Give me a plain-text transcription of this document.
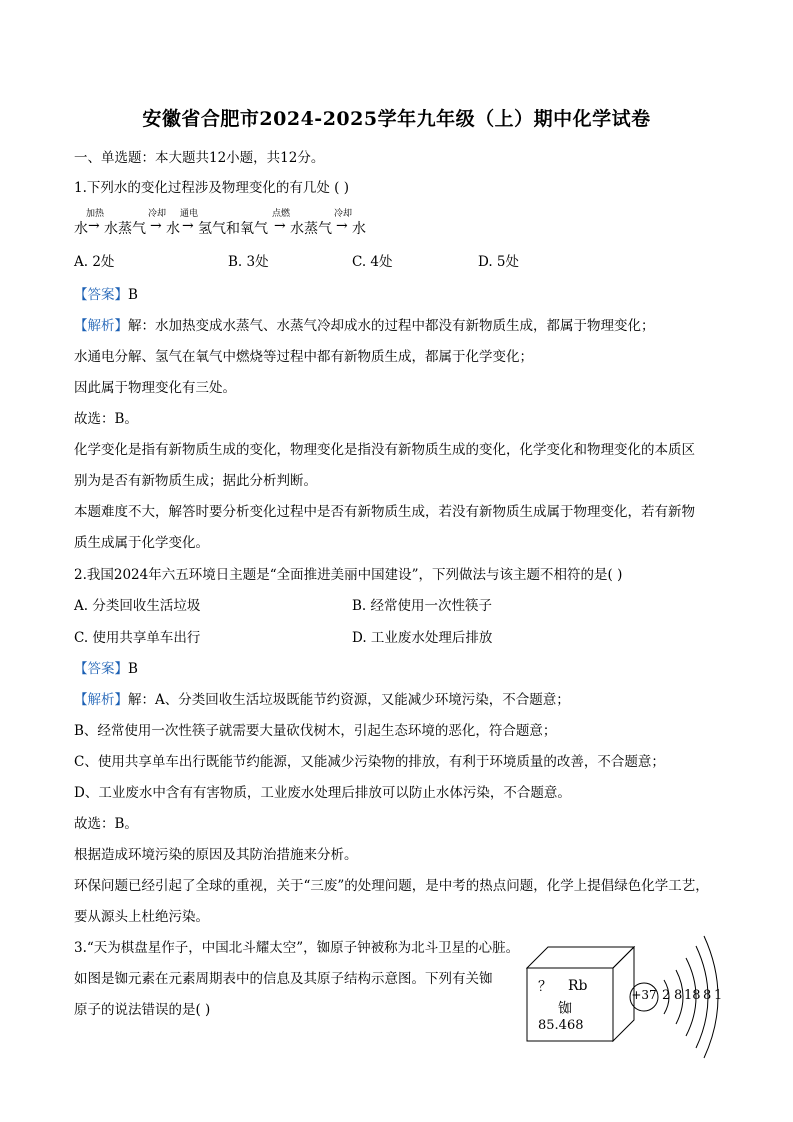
安徽省合肥市2024-2025学年九年级（上）期中化学试卷
一、单选题：本大题共12小题，共12分。
1.下列水的变化过程涉及物理变化的有几处 ( )
水
加热
→ 水蒸气
冷却
→ 水
通电
→ 氢气和氧气
点燃
→ 水蒸气
冷却
→ 水
A. 2处	B. 3处	C. 4处	D. 5处
【答案】B
【解析】解：水加热变成水蒸气、水蒸气冷却成水的过程中都没有新物质生成，都属于物理变化；
水通电分解、氢气在氧气中燃烧等过程中都有新物质生成，都属于化学变化；
因此属于物理变化有三处。
故选：B。
化学变化是指有新物质生成的变化，物理变化是指没有新物质生成的变化，化学变化和物理变化的本质区
别为是否有新物质生成；据此分析判断。
本题难度不大，解答时要分析变化过程中是否有新物质生成，若没有新物质生成属于物理变化，若有新物
质生成属于化学变化。
2.我国2024年六五环境日主题是“全面推进美丽中国建设”，下列做法与该主题不相符的是( )
A. 分类回收生活垃圾	B. 经常使用一次性筷子
C. 使用共享单车出行	D. 工业废水处理后排放
【答案】B
【解析】解：A、分类回收生活垃圾既能节约资源，又能减少环境污染，不合题意；
B、经常使用一次性筷子就需要大量砍伐树木，引起生态环境的恶化，符合题意；
C、使用共享单车出行既能节约能源，又能减少污染物的排放，有利于环境质量的改善，不合题意；
D、工业废水中含有有害物质，工业废水处理后排放可以防止水体污染，不合题意。
故选：B。
根据造成环境污染的原因及其防治措施来分析。
环保问题已经引起了全球的重视，关于“三废”的处理问题，是中考的热点问题，化学上提倡绿色化学工艺，
要从源头上杜绝污染。
3.“天为棋盘星作子，中国北斗耀太空”，铷原子钟被称为北斗卫星的心脏。
如图是铷元素在元素周期表中的信息及其原子结构示意图。下列有关铷
原子的说法错误的是( )
？ Rb
铷
85.468
+37 2 8 18 8 1
